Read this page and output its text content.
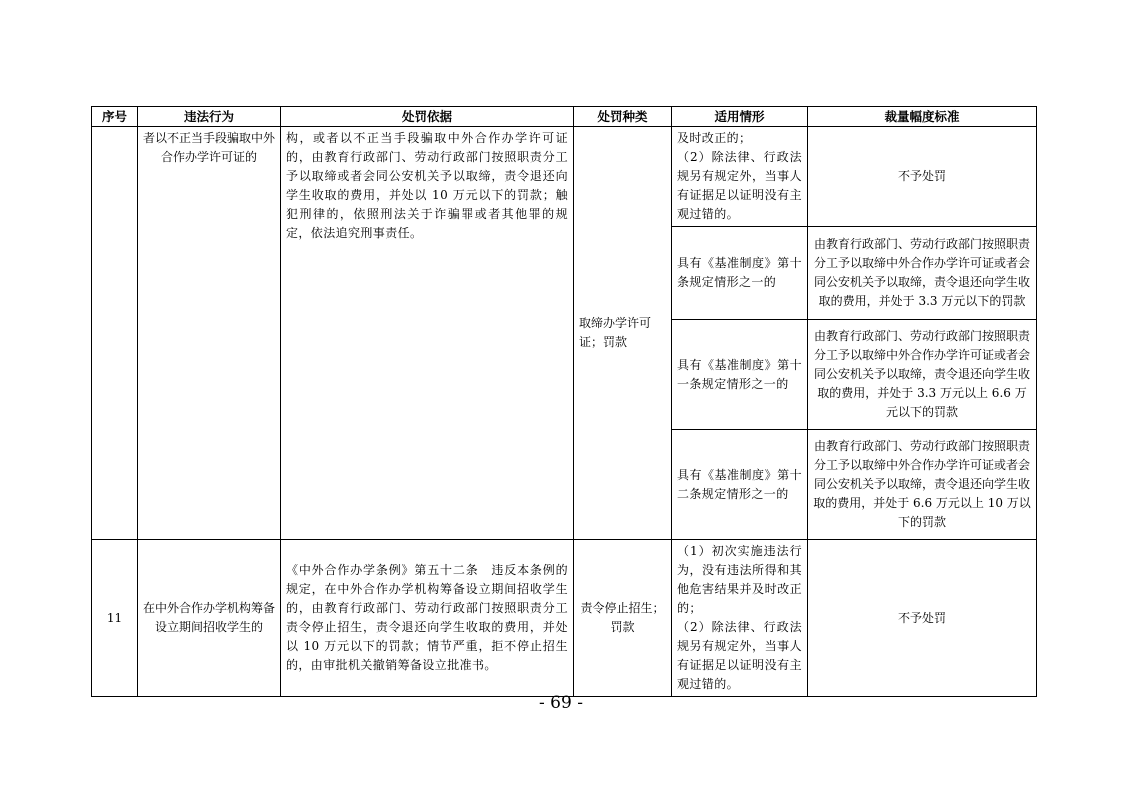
序号	违法行为	处罚依据	处罚种类	适用情形	裁量幅度标准
	者以不正当手段骗取中外合作办学许可证的	构，或者以不正当手段骗取中外合作办学许可证的，由教育行政部门、劳动行政部门按照职责分工予以取缔或者会同公安机关予以取缔，责令退还向学生收取的费用，并处以 10 万元以下的罚款；触犯刑律的，依照刑法关于诈骗罪或者其他罪的规定，依法追究刑事责任。	取缔办学许可证；罚款	及时改正的；
（2）除法律、行政法规另有规定外，当事人有证据足以证明没有主观过错的。	不予处罚
				具有《基准制度》第十条规定情形之一的	由教育行政部门、劳动行政部门按照职责分工予以取缔中外合作办学许可证或者会同公安机关予以取缔，责令退还向学生收取的费用，并处于 3.3 万元以下的罚款
				具有《基准制度》第十一条规定情形之一的	由教育行政部门、劳动行政部门按照职责分工予以取缔中外合作办学许可证或者会同公安机关予以取缔，责令退还向学生收取的费用，并处于 3.3 万元以上 6.6 万元以下的罚款
				具有《基准制度》第十二条规定情形之一的	由教育行政部门、劳动行政部门按照职责分工予以取缔中外合作办学许可证或者会同公安机关予以取缔，责令退还向学生收取的费用，并处于 6.6 万元以上 10 万以下的罚款
11	在中外合作办学机构筹备设立期间招收学生的	《中外合作办学条例》第五十二条　违反本条例的规定，在中外合作办学机构筹备设立期间招收学生的，由教育行政部门、劳动行政部门按照职责分工责令停止招生，责令退还向学生收取的费用，并处以 10 万元以下的罚款；情节严重，拒不停止招生的，由审批机关撤销筹备设立批准书。	责令停止招生；罚款	（1）初次实施违法行为，没有违法所得和其他危害结果并及时改正的；
（2）除法律、行政法规另有规定外，当事人有证据足以证明没有主观过错的。	不予处罚
- 69 -
